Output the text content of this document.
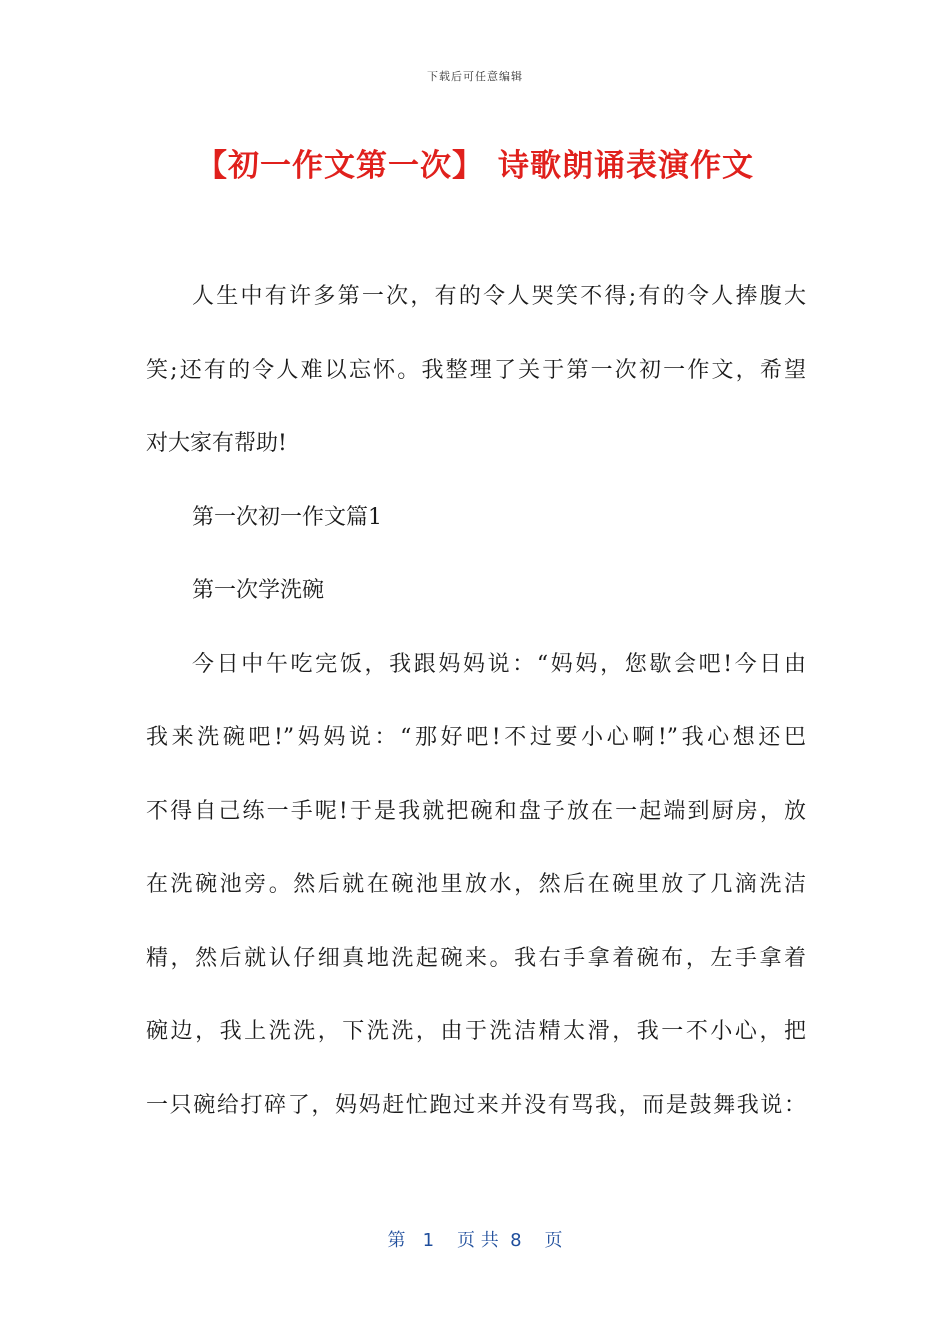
下载后可任意编辑
【初一作文第一次】 诗歌朗诵表演作文
人生中有许多第一次，有的令人哭笑不得;有的令人捧腹大
笑;还有的令人难以忘怀。我整理了关于第一次初一作文，希望
对大家有帮助!
第一次初一作文篇1
第一次学洗碗
今日中午吃完饭，我跟妈妈说：“妈妈，您歇会吧!今日由
我来洗碗吧!”妈妈说：“那好吧!不过要小心啊!”我心想还巴
不得自己练一手呢!于是我就把碗和盘子放在一起端到厨房，放
在洗碗池旁。然后就在碗池里放水，然后在碗里放了几滴洗洁
精，然后就认仔细真地洗起碗来。我右手拿着碗布，左手拿着
碗边，我上洗洗，下洗洗，由于洗洁精太滑，我一不小心，把
一只碗给打碎了，妈妈赶忙跑过来并没有骂我，而是鼓舞我说：
第   1    页 共  8    页
